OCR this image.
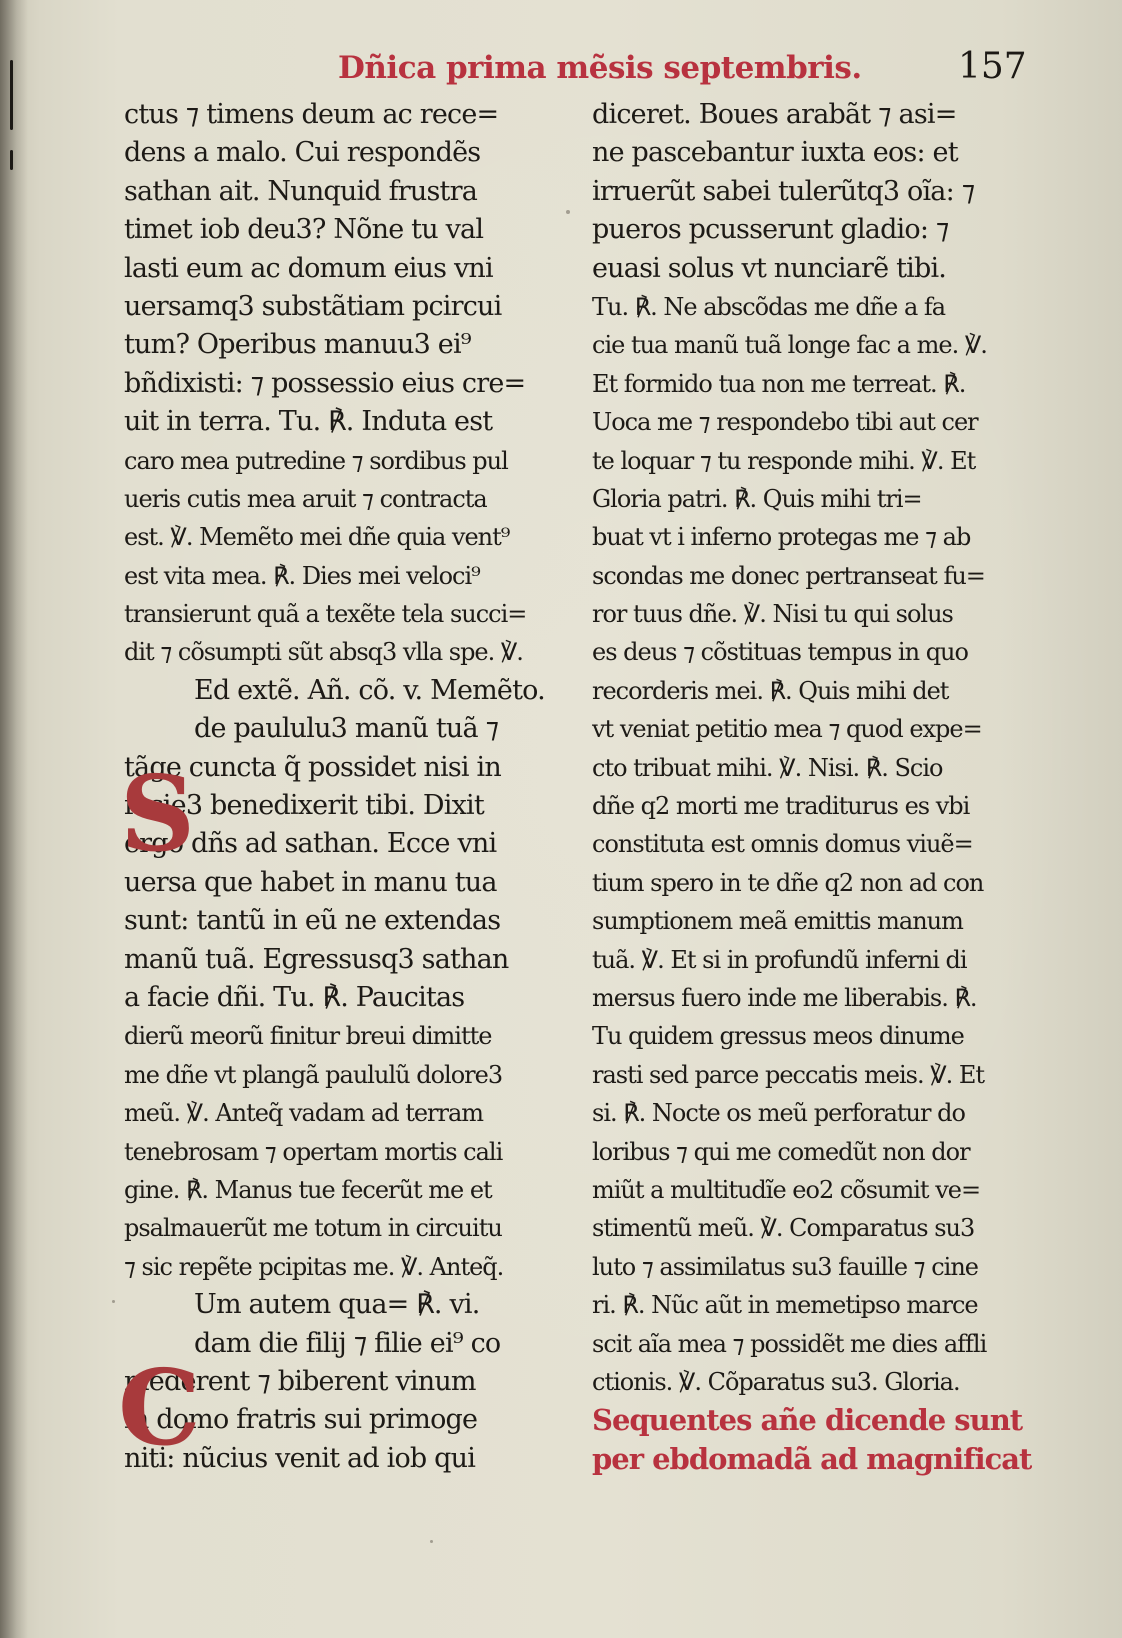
Dñica prima mẽsis septembris.	157
S
C
ctus ⁊ timens deum ac rece=
dens a malo. Cui respondẽs
sathan ait. Nunquid frustra
timet iob deu3? Nõne tu val
lasti eum ac domum eius vni
uersamq3 substãtiam pcircui
tum? Operibus manuu3 ei⁹
bñdixisti: ⁊ possessio eius cre=
uit in terra. Tu. ℟. Induta est
caro mea putredine ⁊ sordibus pul
ueris cutis mea aruit ⁊ contracta
est. ℣. Memẽto mei dñe quia vent⁹
est vita mea. ℟. Dies mei veloci⁹
transierunt quã a texẽte tela succi=
dit ⁊ cõsumpti sũt absq3 vlla spe. ℣.
Ed extẽ. Añ. cõ. v. Memẽto.
de paululu3 manũ tuã ⁊
tãge cuncta q̃ possidet nisi in
facie3 benedixerit tibi. Dixit
ergo dñs ad sathan. Ecce vni
uersa que habet in manu tua
sunt: tantũ in eũ ne extendas
manũ tuã. Egressusq3 sathan
a facie dñi. Tu. ℟. Paucitas
dierũ meorũ finitur breui dimitte
me dñe vt plangã paululũ dolore3
meũ. ℣. Anteq̃ vadam ad terram
tenebrosam ⁊ opertam mortis cali
gine. ℟. Manus tue fecerũt me et
psalmauerũt me totum in circuitu
⁊ sic repẽte pcipitas me. ℣. Anteq̃.
Um autem qua= ℟. vi.
dam die filij ⁊ filie ei⁹ co
mederent ⁊ biberent vinum
in domo fratris sui primoge
niti: nũcius venit ad iob qui
diceret. Boues arabãt ⁊ asi=
ne pascebantur iuxta eos: et
irruerũt sabei tulerũtq3 oĩa: ⁊
pueros pcusserunt gladio: ⁊
euasi solus vt nunciarẽ tibi.
Tu. ℟. Ne abscõdas me dñe a fa
cie tua manũ tuã longe fac a me. ℣.
Et formido tua non me terreat. ℟.
Uoca me ⁊ respondebo tibi aut cer
te loquar ⁊ tu responde mihi. ℣. Et
Gloria patri. ℟. Quis mihi tri=
buat vt i inferno protegas me ⁊ ab
scondas me donec pertranseat fu=
ror tuus dñe. ℣. Nisi tu qui solus
es deus ⁊ cõstituas tempus in quo
recorderis mei. ℟. Quis mihi det
vt veniat petitio mea ⁊ quod expe=
cto tribuat mihi. ℣. Nisi. ℟. Scio
dñe q2 morti me traditurus es vbi
constituta est omnis domus viuẽ=
tium spero in te dñe q2 non ad con
sumptionem meã emittis manum
tuã. ℣. Et si in profundũ inferni di
mersus fuero inde me liberabis. ℟.
Tu quidem gressus meos dinume
rasti sed parce peccatis meis. ℣. Et
si. ℟. Nocte os meũ perforatur do
loribus ⁊ qui me comedũt non dor
miũt a multitudĩe eo2 cõsumit ve=
stimentũ meũ. ℣. Comparatus su3
luto ⁊ assimilatus su3 fauille ⁊ cine
ri. ℟. Nũc aũt in memetipso marce
scit aĩa mea ⁊ possidẽt me dies affli
ctionis. ℣. Cõparatus su3. Gloria.
Sequentes añe dicende sunt
per ebdomadã ad magnificat
